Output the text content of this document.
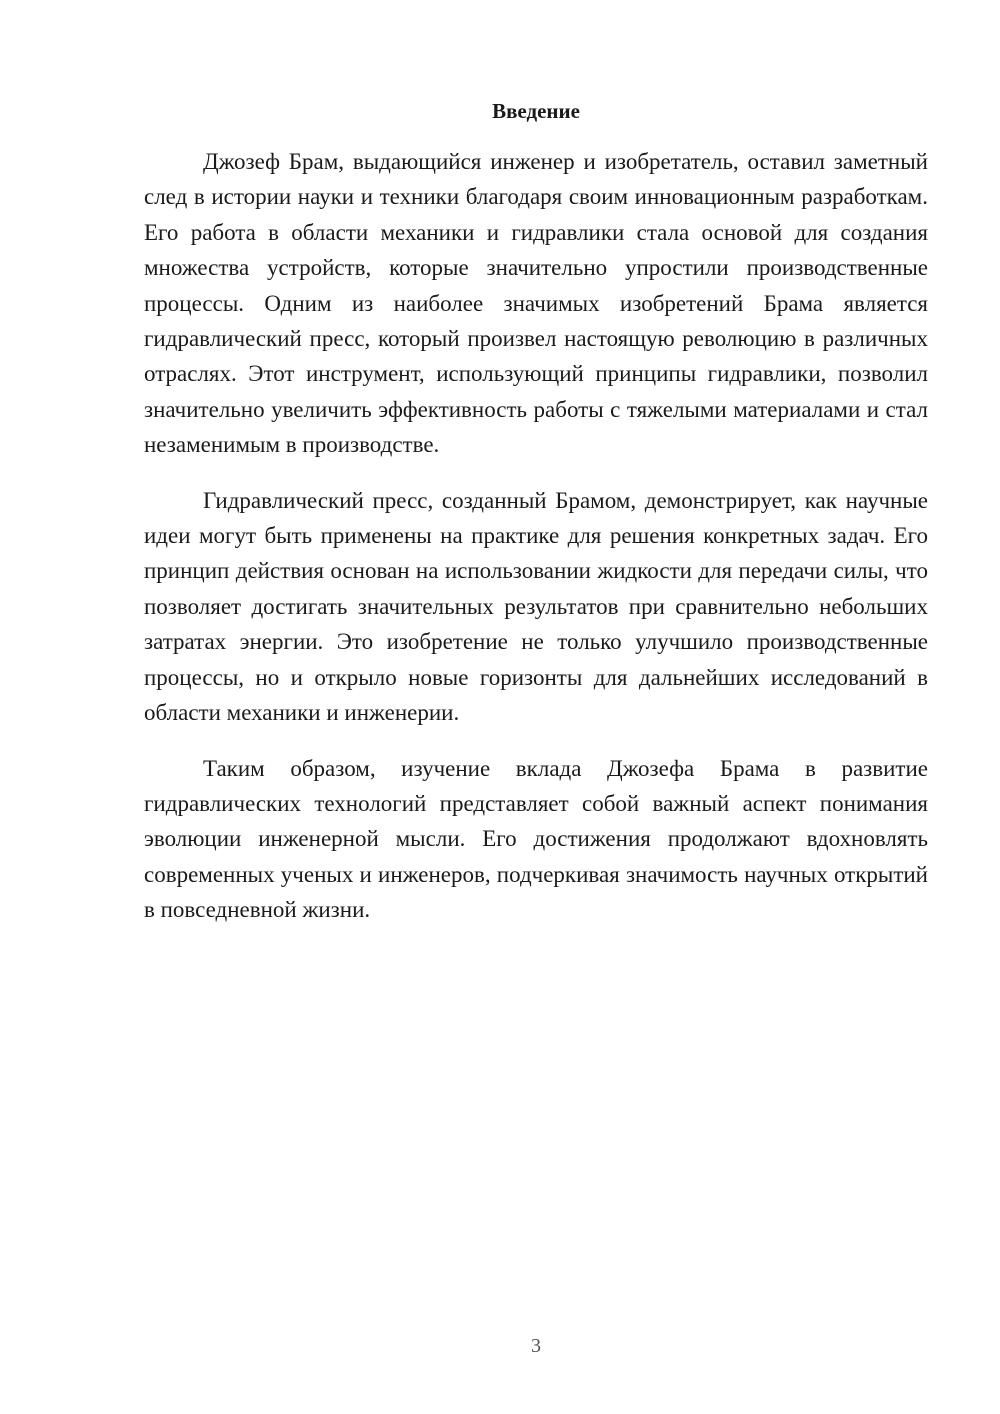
Введение

Джозеф Брам, выдающийся инженер и изобретатель, оставил заметный след в истории науки и техники благодаря своим инновационным разработкам. Его работа в области механики и гидравлики стала основой для создания множества устройств, которые значительно упростили производственные процессы. Одним из наиболее значимых изобретений Брама является гидравлический пресс, который произвел настоящую революцию в различных отраслях. Этот инструмент, использующий принципы гидравлики, позволил значительно увеличить эффективность работы с тяжелыми материалами и стал незаменимым в производстве.

Гидравлический пресс, созданный Брамом, демонстрирует, как научные идеи могут быть применены на практике для решения конкретных задач. Его принцип действия основан на использовании жидкости для передачи силы, что позволяет достигать значительных результатов при сравнительно небольших затратах энергии. Это изобретение не только улучшило производственные процессы, но и открыло новые горизонты для дальнейших исследований в области механики и инженерии.

Таким образом, изучение вклада Джозефа Брама в развитие гидравлических технологий представляет собой важный аспект понимания эволюции инженерной мысли. Его достижения продолжают вдохновлять современных ученых и инженеров, подчеркивая значимость научных открытий в повседневной жизни.

3
